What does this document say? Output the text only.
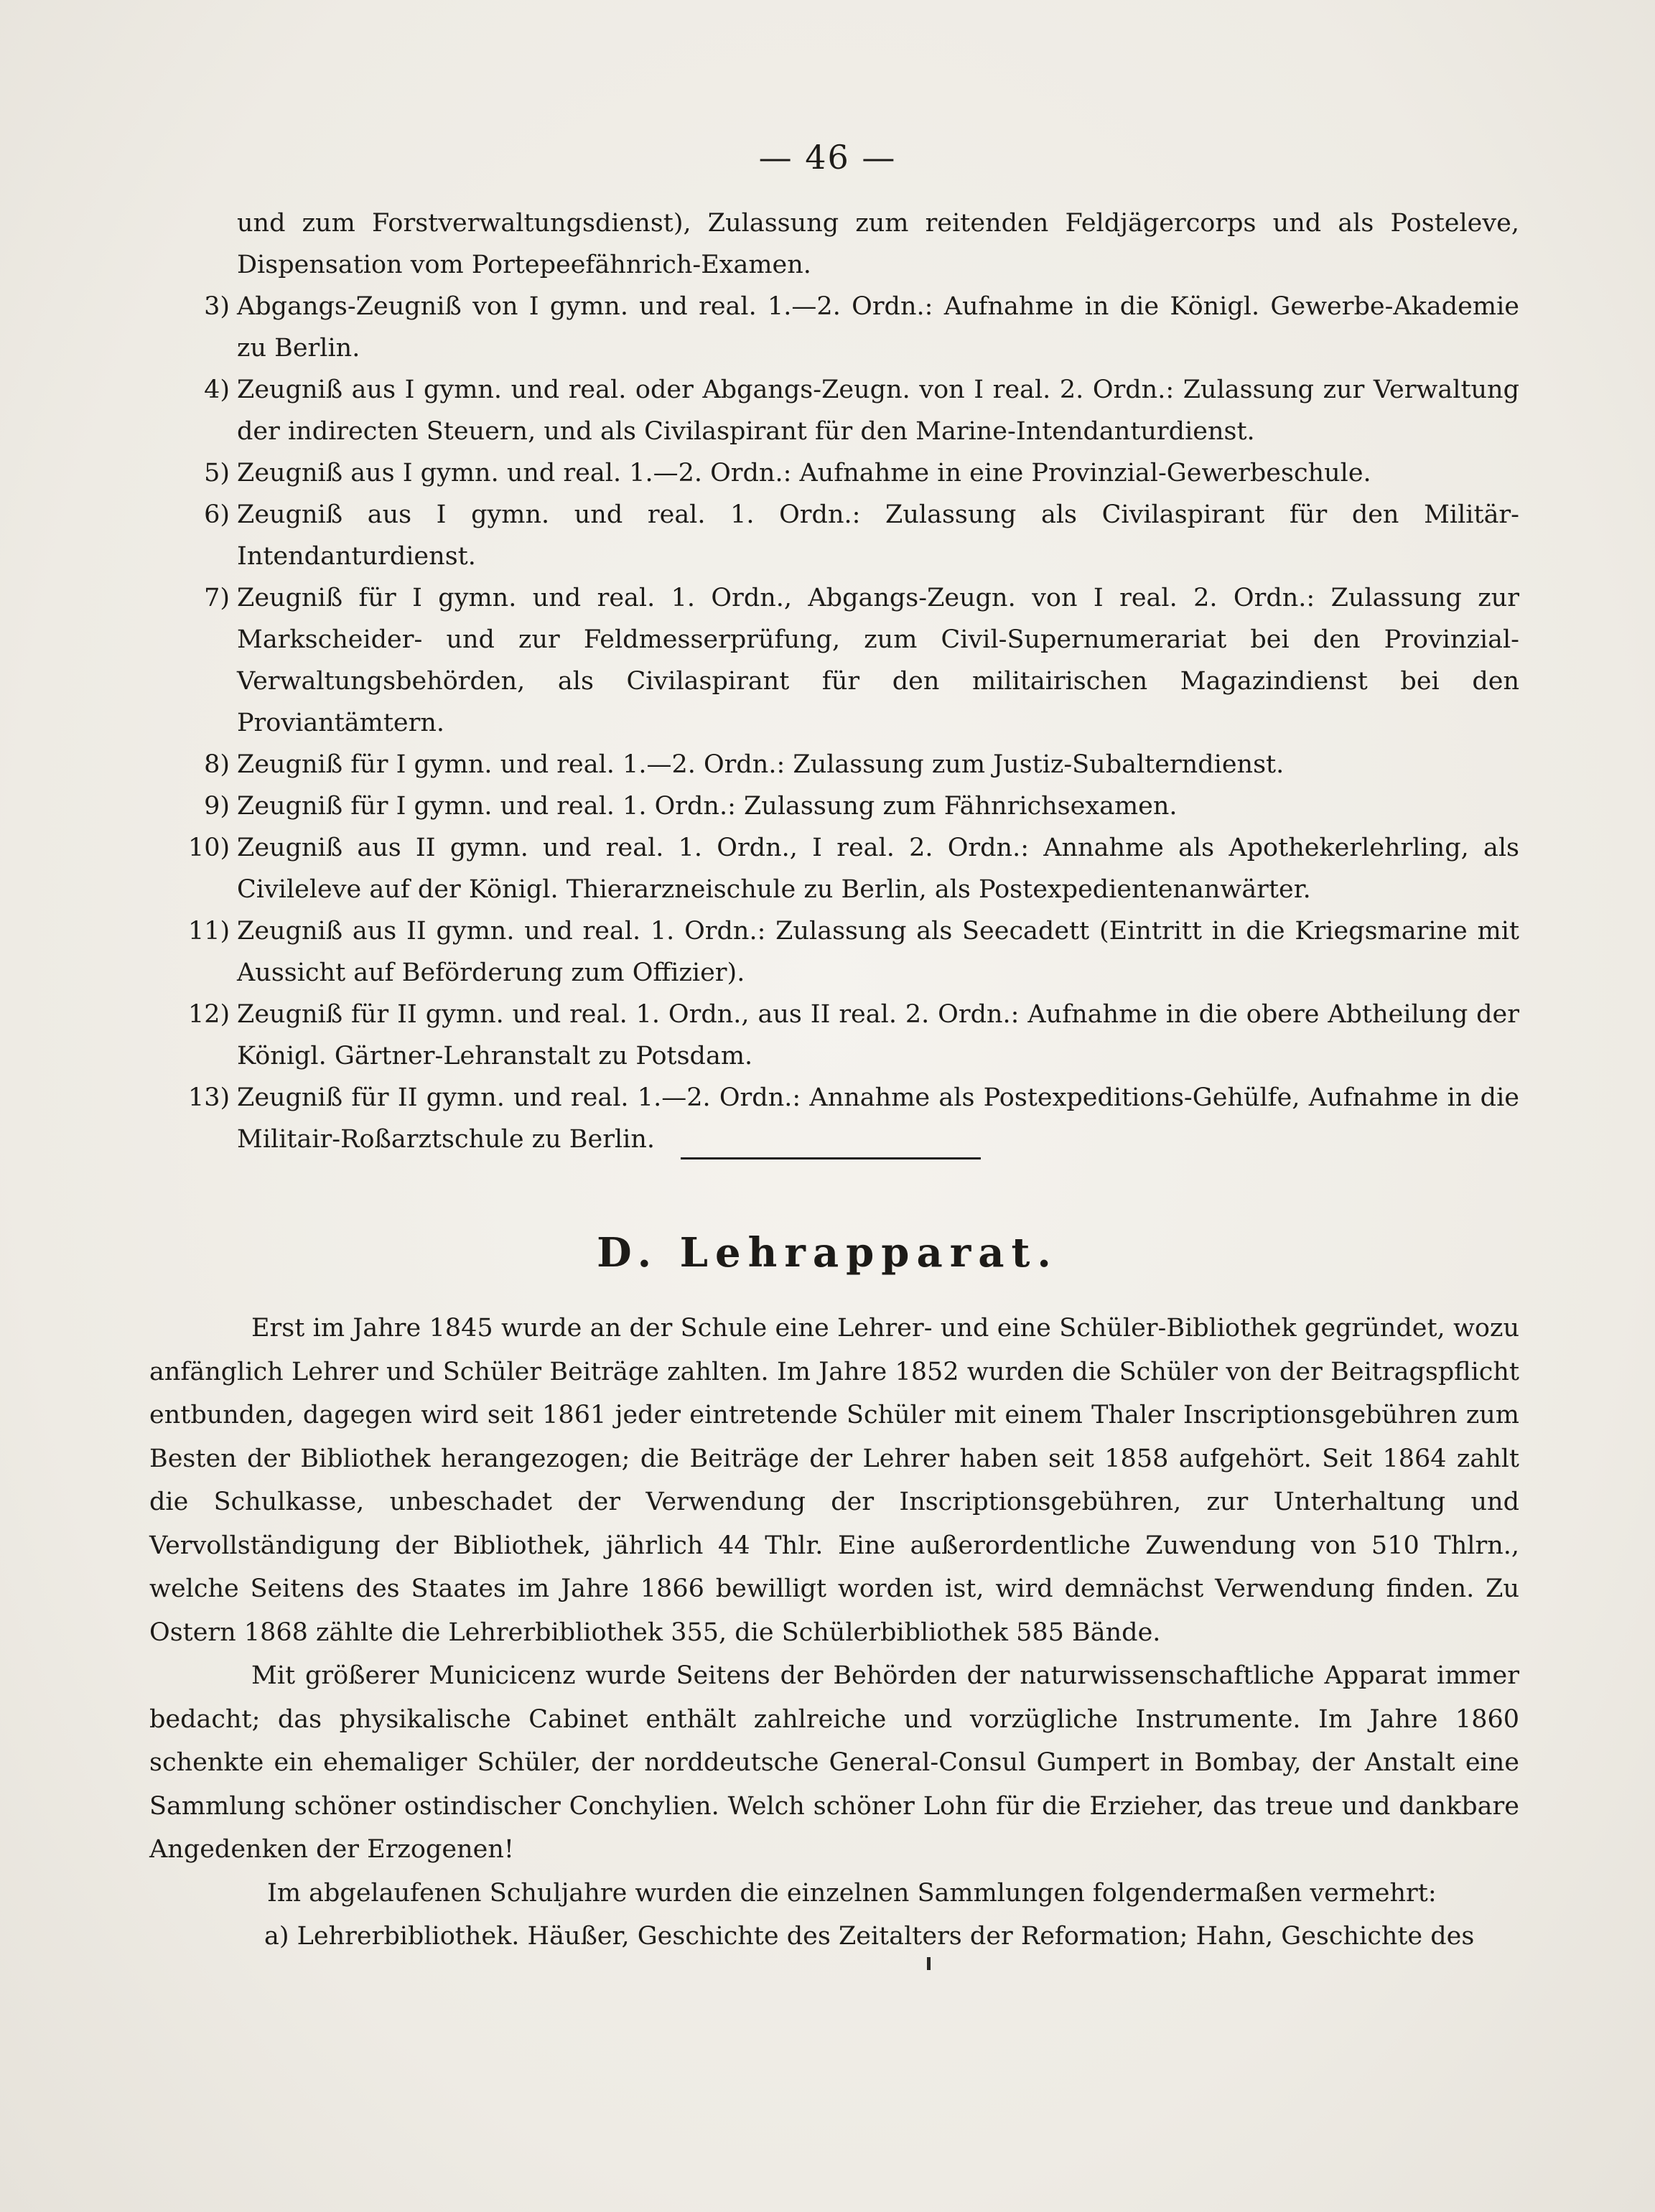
— 46 —
und zum Forstverwaltungsdienst), Zulassung zum reitenden Feldjägercorps und als Posteleve, Dispensation vom Portepeefähnrich-Examen.
3) Abgangs-Zeugniß von I gymn. und real. 1.—2. Ordn.: Aufnahme in die Königl. Gewerbe-Akademie zu Berlin.
4) Zeugniß aus I gymn. und real. oder Abgangs-Zeugn. von I real. 2. Ordn.: Zulassung zur Verwaltung der indirecten Steuern, und als Civilaspirant für den Marine-Intendanturdienst.
5) Zeugniß aus I gymn. und real. 1.—2. Ordn.: Aufnahme in eine Provinzial-Gewerbeschule.
6) Zeugniß aus I gymn. und real. 1. Ordn.: Zulassung als Civilaspirant für den Militär-Intendanturdienst.
7) Zeugniß für I gymn. und real. 1. Ordn., Abgangs-Zeugn. von I real. 2. Ordn.: Zulassung zur Markscheider- und zur Feldmesserprüfung, zum Civil-Supernumerariat bei den Provinzial-Verwaltungsbehörden, als Civilaspirant für den militairischen Magazindienst bei den Proviantämtern.
8) Zeugniß für I gymn. und real. 1.—2. Ordn.: Zulassung zum Justiz-Subalterndienst.
9) Zeugniß für I gymn. und real. 1. Ordn.: Zulassung zum Fähnrichsexamen.
10) Zeugniß aus II gymn. und real. 1. Ordn., I real. 2. Ordn.: Annahme als Apothekerlehrling, als Civileleve auf der Königl. Thierarzneischule zu Berlin, als Postexpedientenanwärter.
11) Zeugniß aus II gymn. und real. 1. Ordn.: Zulassung als Seecadett (Eintritt in die Kriegsmarine mit Aussicht auf Beförderung zum Offizier).
12) Zeugniß für II gymn. und real. 1. Ordn., aus II real. 2. Ordn.: Aufnahme in die obere Abtheilung der Königl. Gärtner-Lehranstalt zu Potsdam.
13) Zeugniß für II gymn. und real. 1.—2. Ordn.: Annahme als Postexpeditions-Gehülfe, Aufnahme in die Militair-Roßarztschule zu Berlin.
D. Lehrapparat.

Erst im Jahre 1845 wurde an der Schule eine Lehrer- und eine Schüler-Bibliothek gegründet, wozu anfänglich Lehrer und Schüler Beiträge zahlten. Im Jahre 1852 wurden die Schüler von der Beitragspflicht entbunden, dagegen wird seit 1861 jeder eintretende Schüler mit einem Thaler Inscriptionsgebühren zum Besten der Bibliothek herangezogen; die Beiträge der Lehrer haben seit 1858 aufgehört. Seit 1864 zahlt die Schulkasse, unbeschadet der Verwendung der Inscriptionsgebühren, zur Unterhaltung und Vervollständigung der Bibliothek, jährlich 44 Thlr. Eine außerordentliche Zuwendung von 510 Thlrn., welche Seitens des Staates im Jahre 1866 bewilligt worden ist, wird demnächst Verwendung finden. Zu Ostern 1868 zählte die Lehrerbibliothek 355, die Schülerbibliothek 585 Bände.

Mit größerer Municicenz wurde Seitens der Behörden der naturwissenschaftliche Apparat immer bedacht; das physikalische Cabinet enthält zahlreiche und vorzügliche Instrumente. Im Jahre 1860 schenkte ein ehemaliger Schüler, der norddeutsche General-Consul Gumpert in Bombay, der Anstalt eine Sammlung schöner ostindischer Conchylien. Welch schöner Lohn für die Erzieher, das treue und dankbare Angedenken der Erzogenen!

Im abgelaufenen Schuljahre wurden die einzelnen Sammlungen folgendermaßen vermehrt:

a) Lehrerbibliothek. Häußer, Geschichte des Zeitalters der Reformation; Hahn, Geschichte des
